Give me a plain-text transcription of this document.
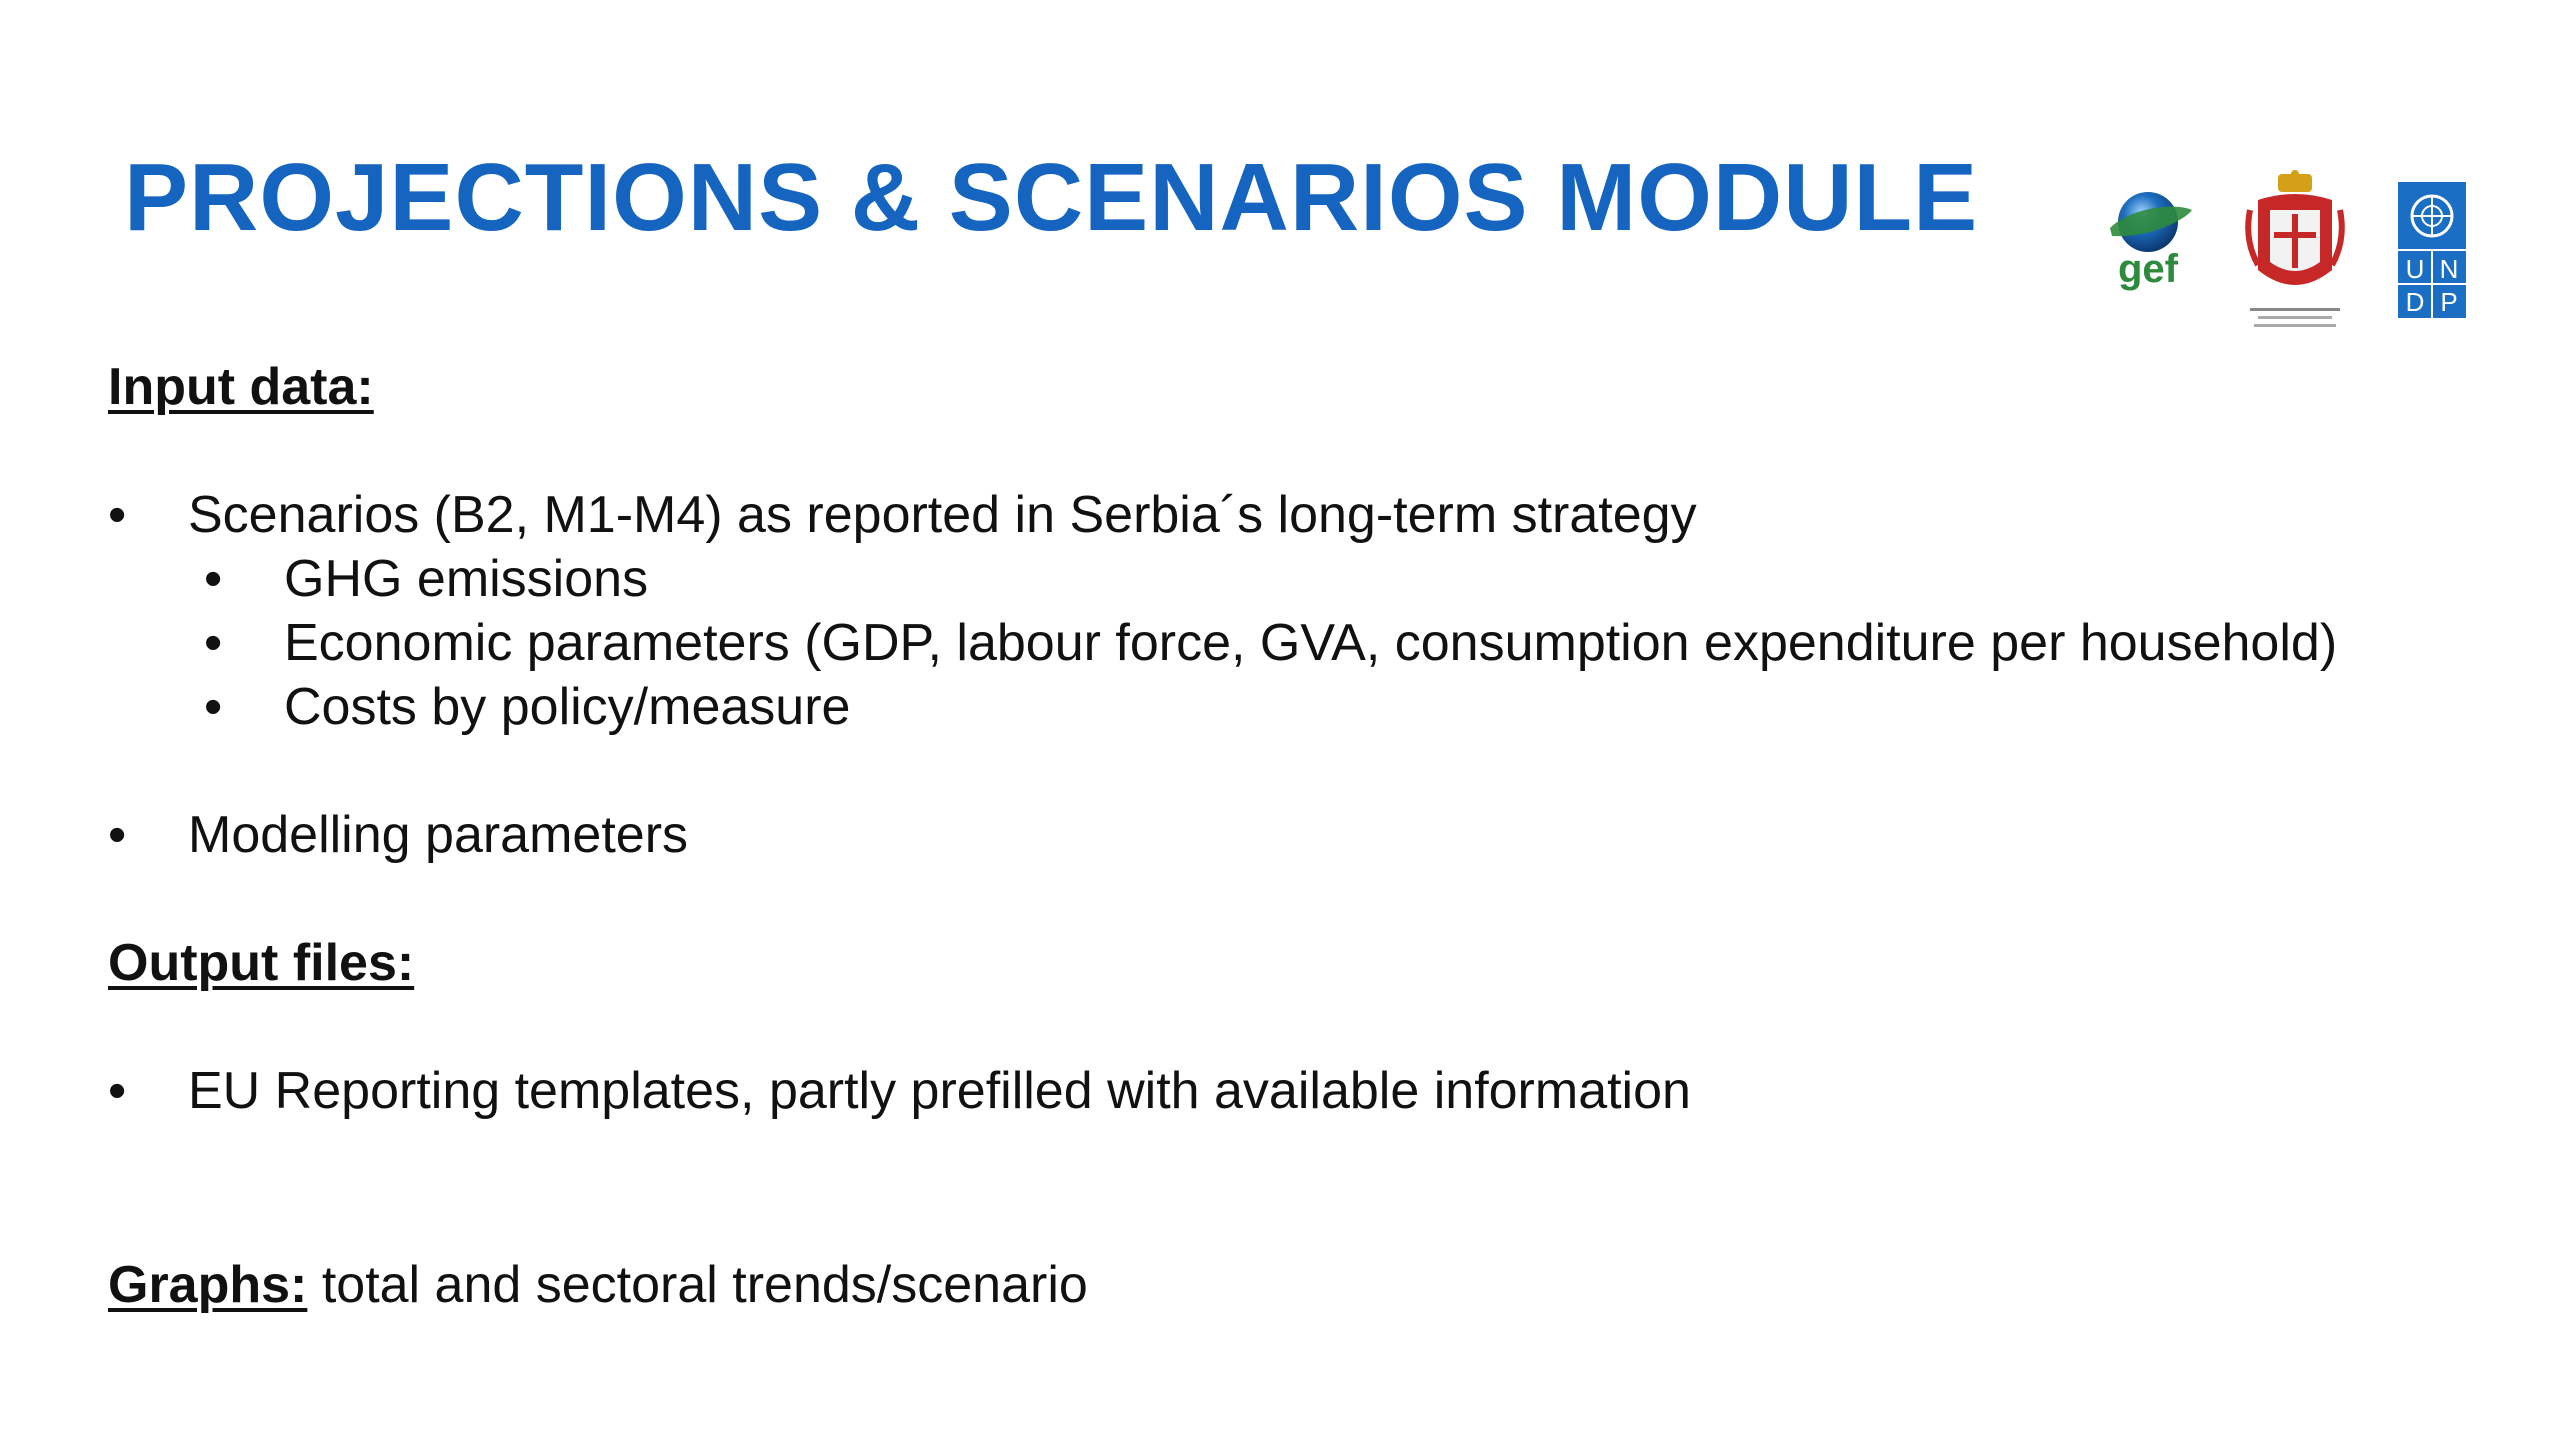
PROJECTIONS & SCENARIOS MODULE
gef	U N
D P
Input data:
• Scenarios (B2, M1-M4) as reported in Serbia´s long-term strategy
• GHG emissions
• Economic parameters (GDP, labour force, GVA, consumption expenditure per household)
• Costs by policy/measure
• Modelling parameters
Output files:
• EU Reporting templates, partly prefilled with available information
Graphs: total and sectoral trends/scenario
